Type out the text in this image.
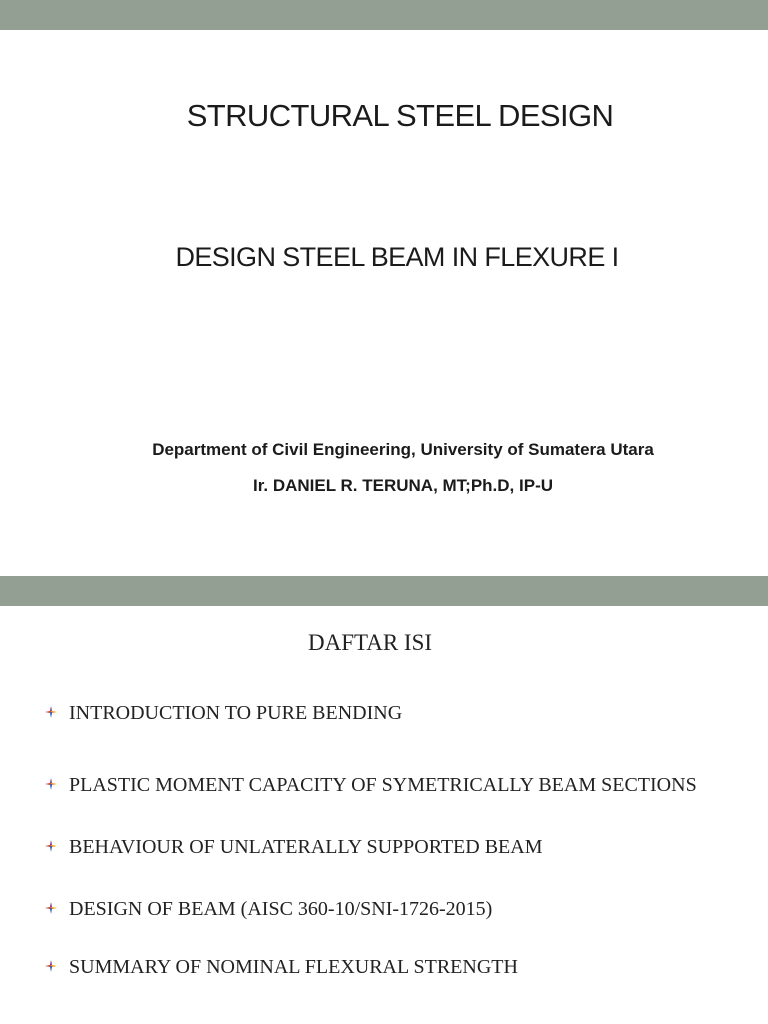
STRUCTURAL STEEL DESIGN
DESIGN STEEL BEAM IN FLEXURE I
Department of Civil Engineering, University of Sumatera Utara
Ir. DANIEL R. TERUNA, MT;Ph.D, IP-U
DAFTAR ISI
INTRODUCTION TO PURE BENDING
PLASTIC MOMENT CAPACITY OF SYMETRICALLY BEAM SECTIONS
BEHAVIOUR OF UNLATERALLY SUPPORTED BEAM
DESIGN OF BEAM (AISC 360-10/SNI-1726-2015)
SUMMARY OF NOMINAL FLEXURAL STRENGTH
